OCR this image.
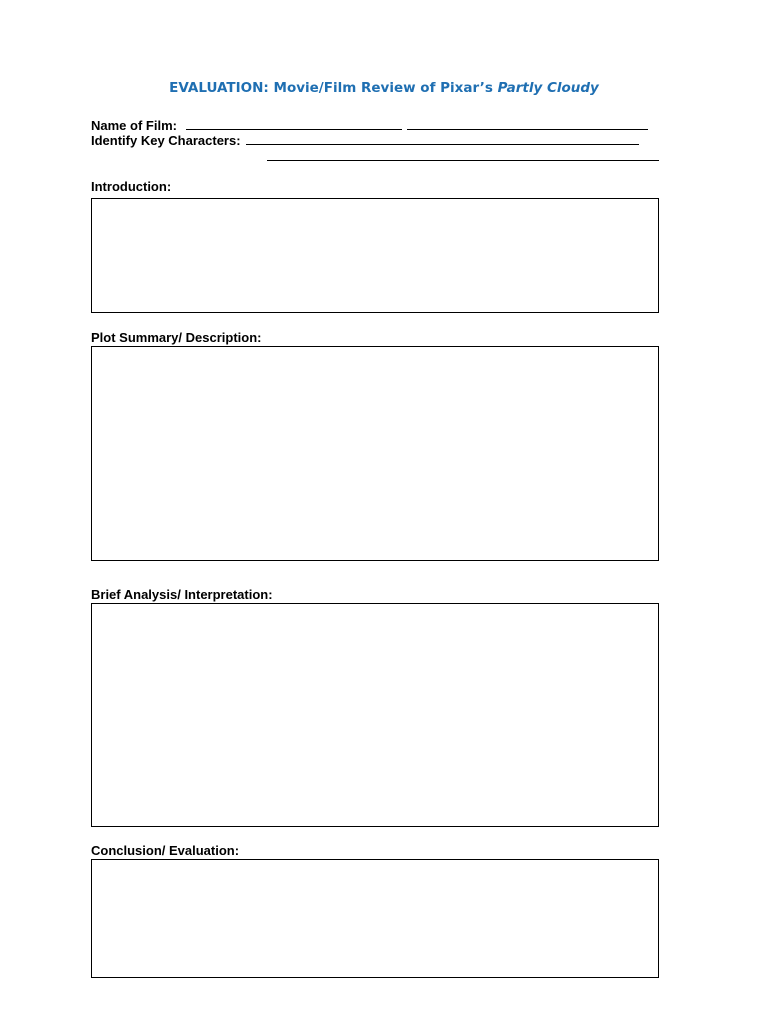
EVALUATION: Movie/Film Review of Pixar’s Partly Cloudy
Name of Film:
Identify Key Characters:
Introduction:
Plot Summary/ Description:
Brief Analysis/ Interpretation:
Conclusion/ Evaluation:
